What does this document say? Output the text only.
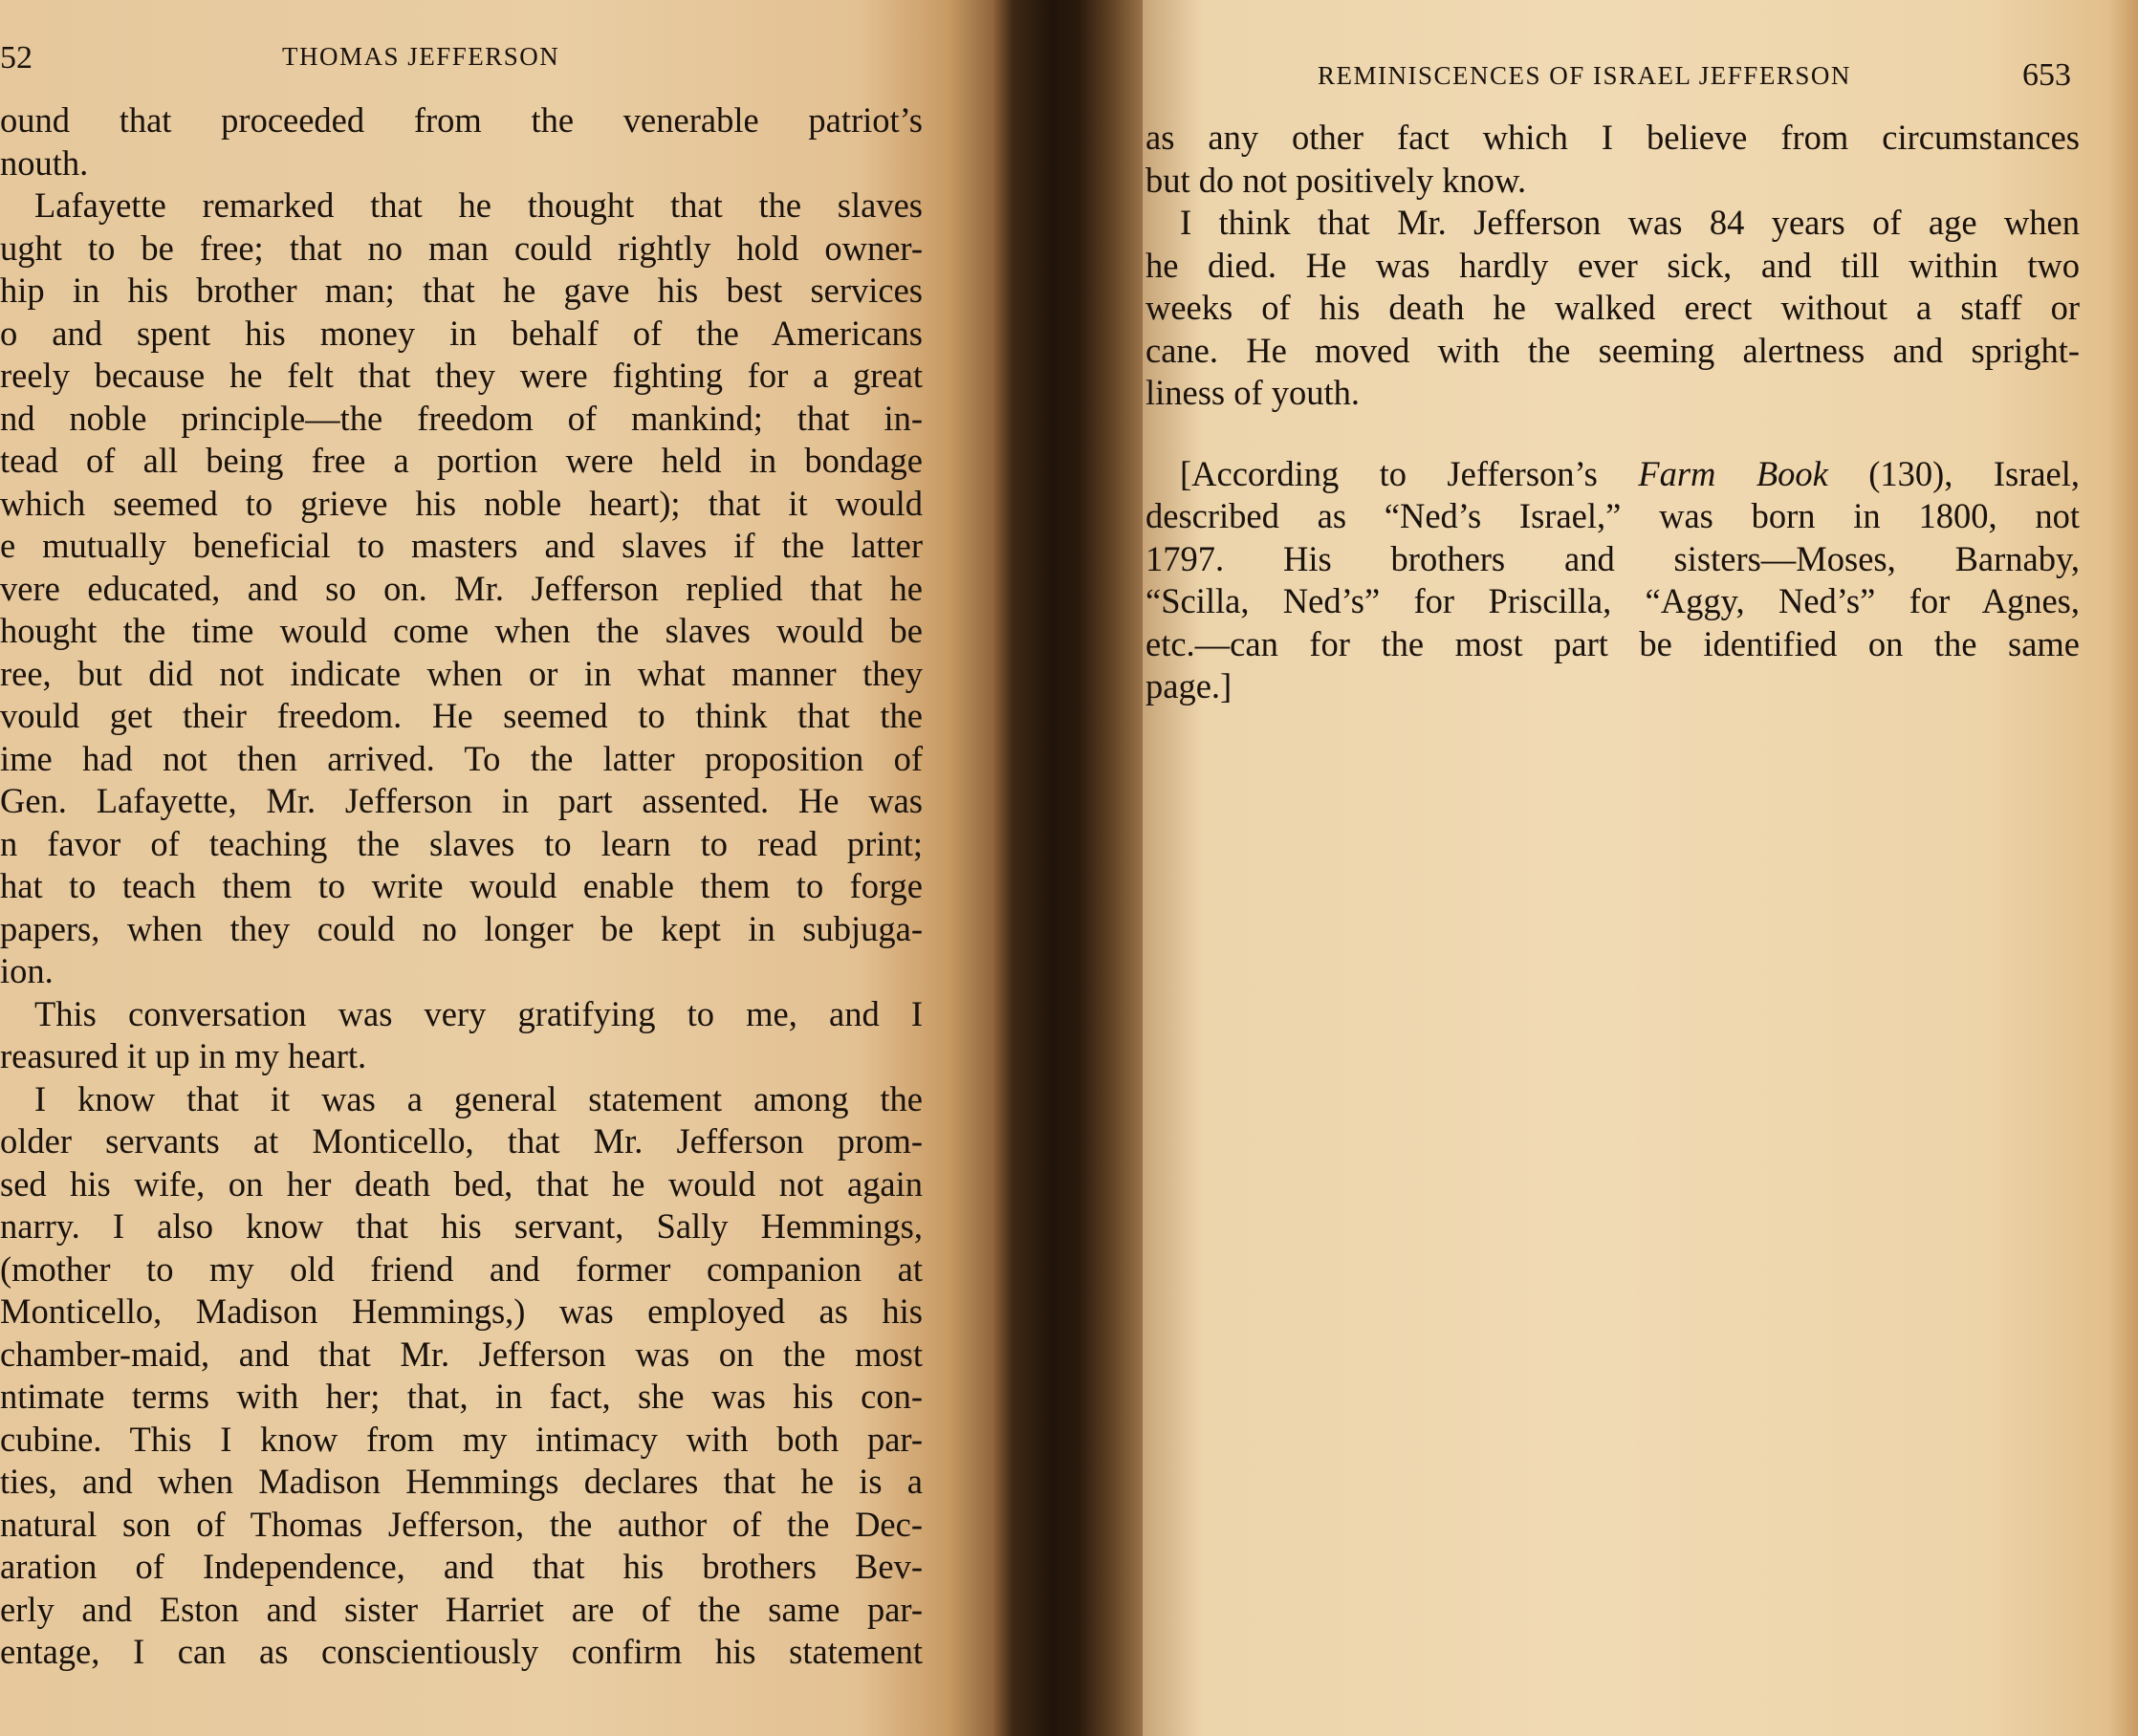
52	THOMAS JEFFERSON
ound that proceeded from the venerable patriot’s
nouth.
Lafayette remarked that he thought that the slaves
ught to be free; that no man could rightly hold owner-
hip in his brother man; that he gave his best services
o and spent his money in behalf of the Americans
reely because he felt that they were fighting for a great
nd noble principle—the freedom of mankind; that in-
tead of all being free a portion were held in bondage
which seemed to grieve his noble heart); that it would
e mutually beneficial to masters and slaves if the latter
vere educated, and so on. Mr. Jefferson replied that he
hought the time would come when the slaves would be
ree, but did not indicate when or in what manner they
vould get their freedom. He seemed to think that the
ime had not then arrived. To the latter proposition of
Gen. Lafayette, Mr. Jefferson in part assented. He was
n favor of teaching the slaves to learn to read print;
hat to teach them to write would enable them to forge
papers, when they could no longer be kept in subjuga-
ion.
This conversation was very gratifying to me, and I
reasured it up in my heart.
I know that it was a general statement among the
older servants at Monticello, that Mr. Jefferson prom-
sed his wife, on her death bed, that he would not again
narry. I also know that his servant, Sally Hemmings,
(mother to my old friend and former companion at
Monticello, Madison Hemmings,) was employed as his
chamber-maid, and that Mr. Jefferson was on the most
ntimate terms with her; that, in fact, she was his con-
cubine. This I know from my intimacy with both par-
ties, and when Madison Hemmings declares that he is a
natural son of Thomas Jefferson, the author of the Dec-
aration of Independence, and that his brothers Bev-
erly and Eston and sister Harriet are of the same par-
entage, I can as conscientiously confirm his statement
REMINISCENCES OF ISRAEL JEFFERSON	653
as any other fact which I believe from circumstances
but do not positively know.
I think that Mr. Jefferson was 84 years of age when
he died. He was hardly ever sick, and till within two
weeks of his death he walked erect without a staff or
cane. He moved with the seeming alertness and spright-
liness of youth.
[According to Jefferson’s Farm Book (130), Israel,
described as “Ned’s Israel,” was born in 1800, not
1797. His brothers and sisters—Moses, Barnaby,
“Scilla, Ned’s” for Priscilla, “Aggy, Ned’s” for Agnes,
etc.—can for the most part be identified on the same
page.]
